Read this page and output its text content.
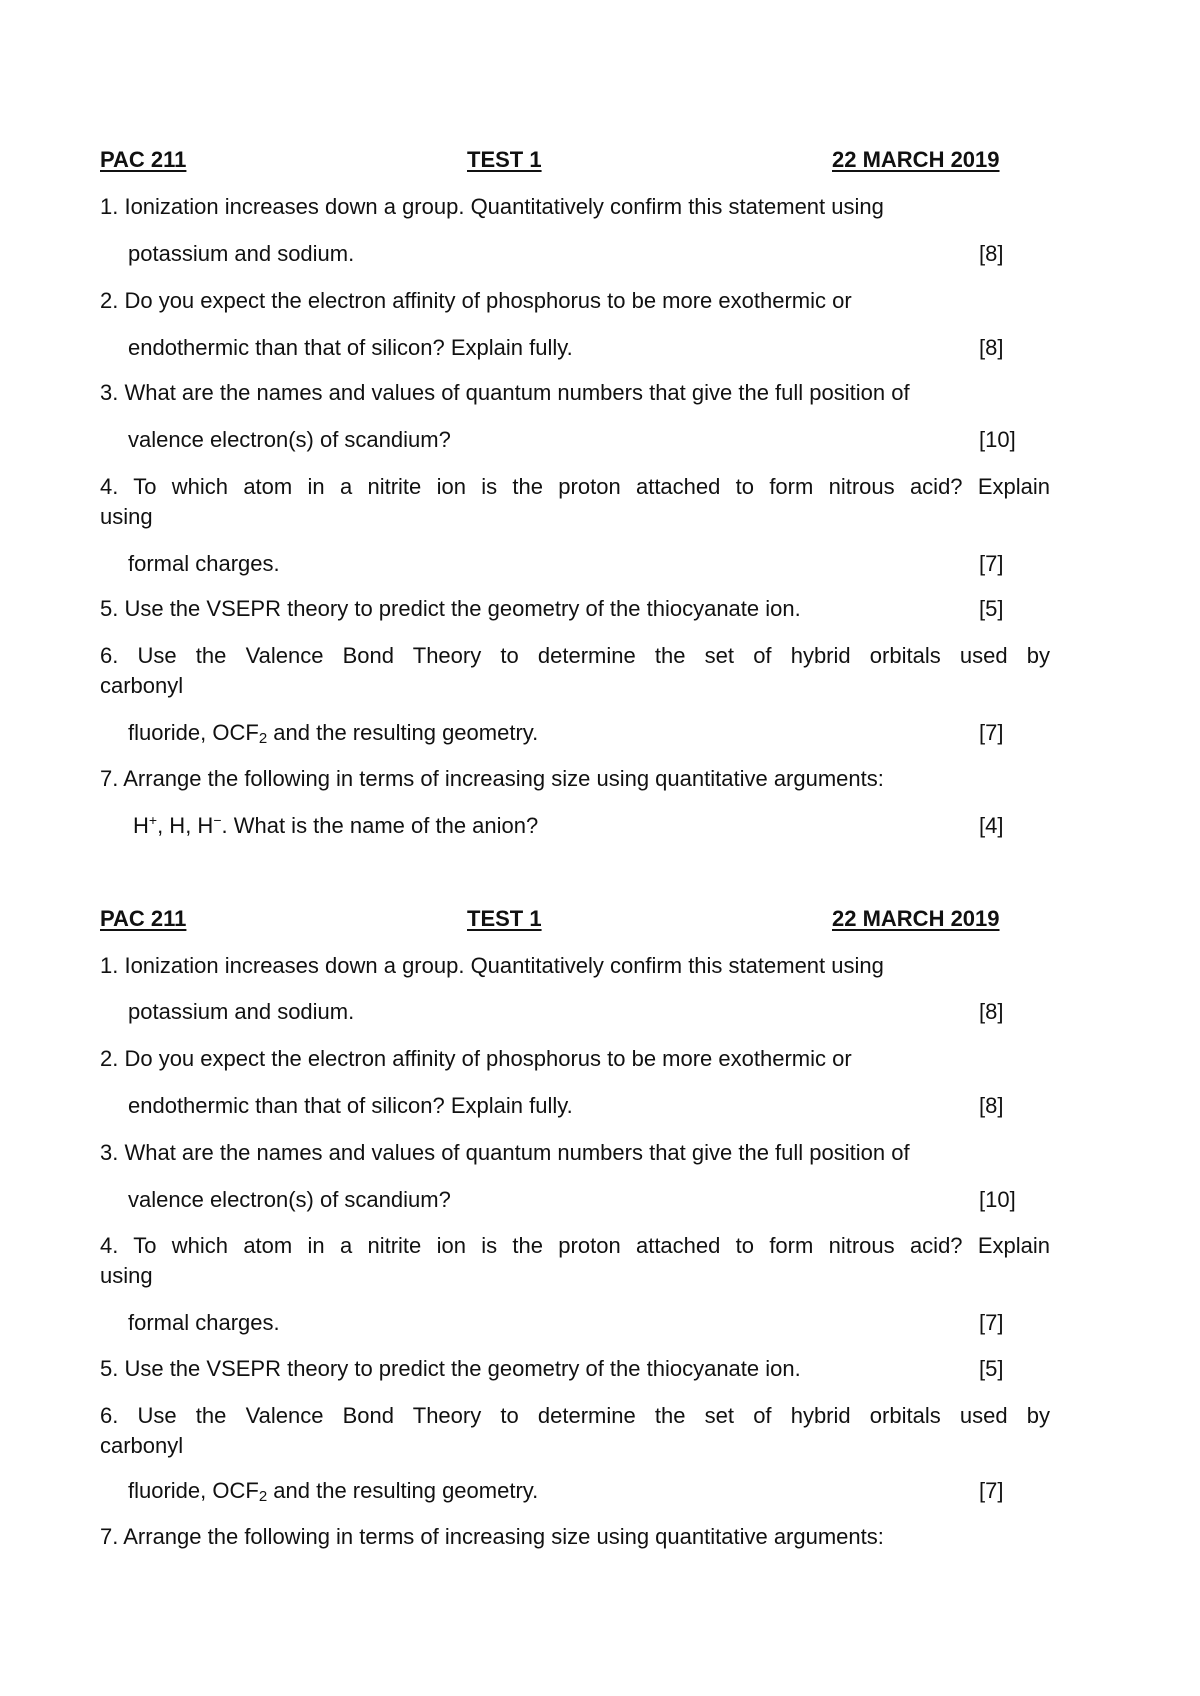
PAC 211	TEST 1	22 MARCH 2019
1. Ionization increases down a group. Quantitatively confirm this statement using
potassium and sodium.	[8]
2. Do you expect the electron affinity of phosphorus to be more exothermic or
endothermic than that of silicon? Explain fully.	[8]
3. What are the names and values of quantum numbers that give the full position of
valence electron(s) of scandium?	[10]
4. To which atom in a nitrite ion is the proton attached to form nitrous acid? Explain
using
formal charges.	[7]
5. Use the VSEPR theory to predict the geometry of the thiocyanate ion.	[5]
6. Use the Valence Bond Theory to determine the set of hybrid orbitals used by
carbonyl
fluoride, $OCF_2$ and the resulting geometry.	[7]
7. Arrange the following in terms of increasing size using quantitative arguments:
H+, H, H−. What is the name of the anion?	[4]
PAC 211	TEST 1	22 MARCH 2019
1. Ionization increases down a group. Quantitatively confirm this statement using
potassium and sodium.	[8]
2. Do you expect the electron affinity of phosphorus to be more exothermic or
endothermic than that of silicon? Explain fully.	[8]
3. What are the names and values of quantum numbers that give the full position of
valence electron(s) of scandium?	[10]
4. To which atom in a nitrite ion is the proton attached to form nitrous acid? Explain
using
formal charges.	[7]
5. Use the VSEPR theory to predict the geometry of the thiocyanate ion.	[5]
6. Use the Valence Bond Theory to determine the set of hybrid orbitals used by
carbonyl
fluoride, $OCF_2$ and the resulting geometry.	[7]
7. Arrange the following in terms of increasing size using quantitative arguments:
